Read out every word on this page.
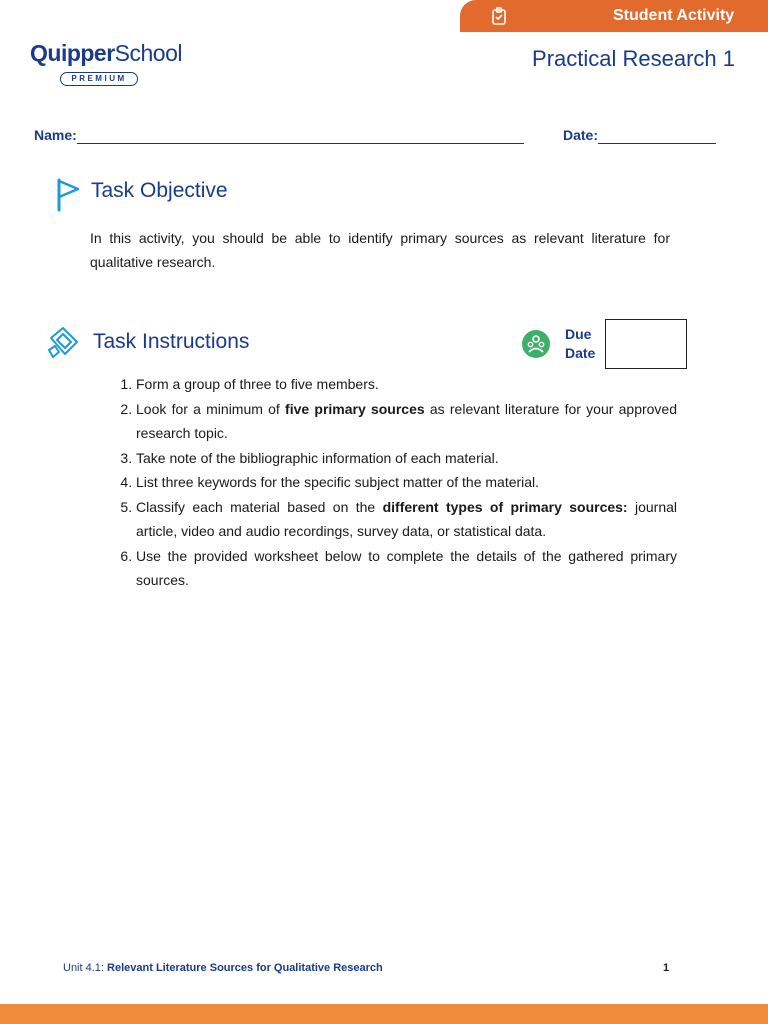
Student Activity
QuipperSchool
PREMIUM
Practical Research 1
Name:	Date:
Task Objective
In this activity, you should be able to identify primary sources as relevant literature for qualitative research.
Task Instructions	Due
Date
1. Form a group of three to five members.
2. Look for a minimum of five primary sources as relevant literature for your approved research topic.
3. Take note of the bibliographic information of each material.
4. List three keywords for the specific subject matter of the material.
5. Classify each material based on the different types of primary sources: journal article, video and audio recordings, survey data, or statistical data.
6. Use the provided worksheet below to complete the details of the gathered primary sources.
Unit 4.1: Relevant Literature Sources for Qualitative Research	1
